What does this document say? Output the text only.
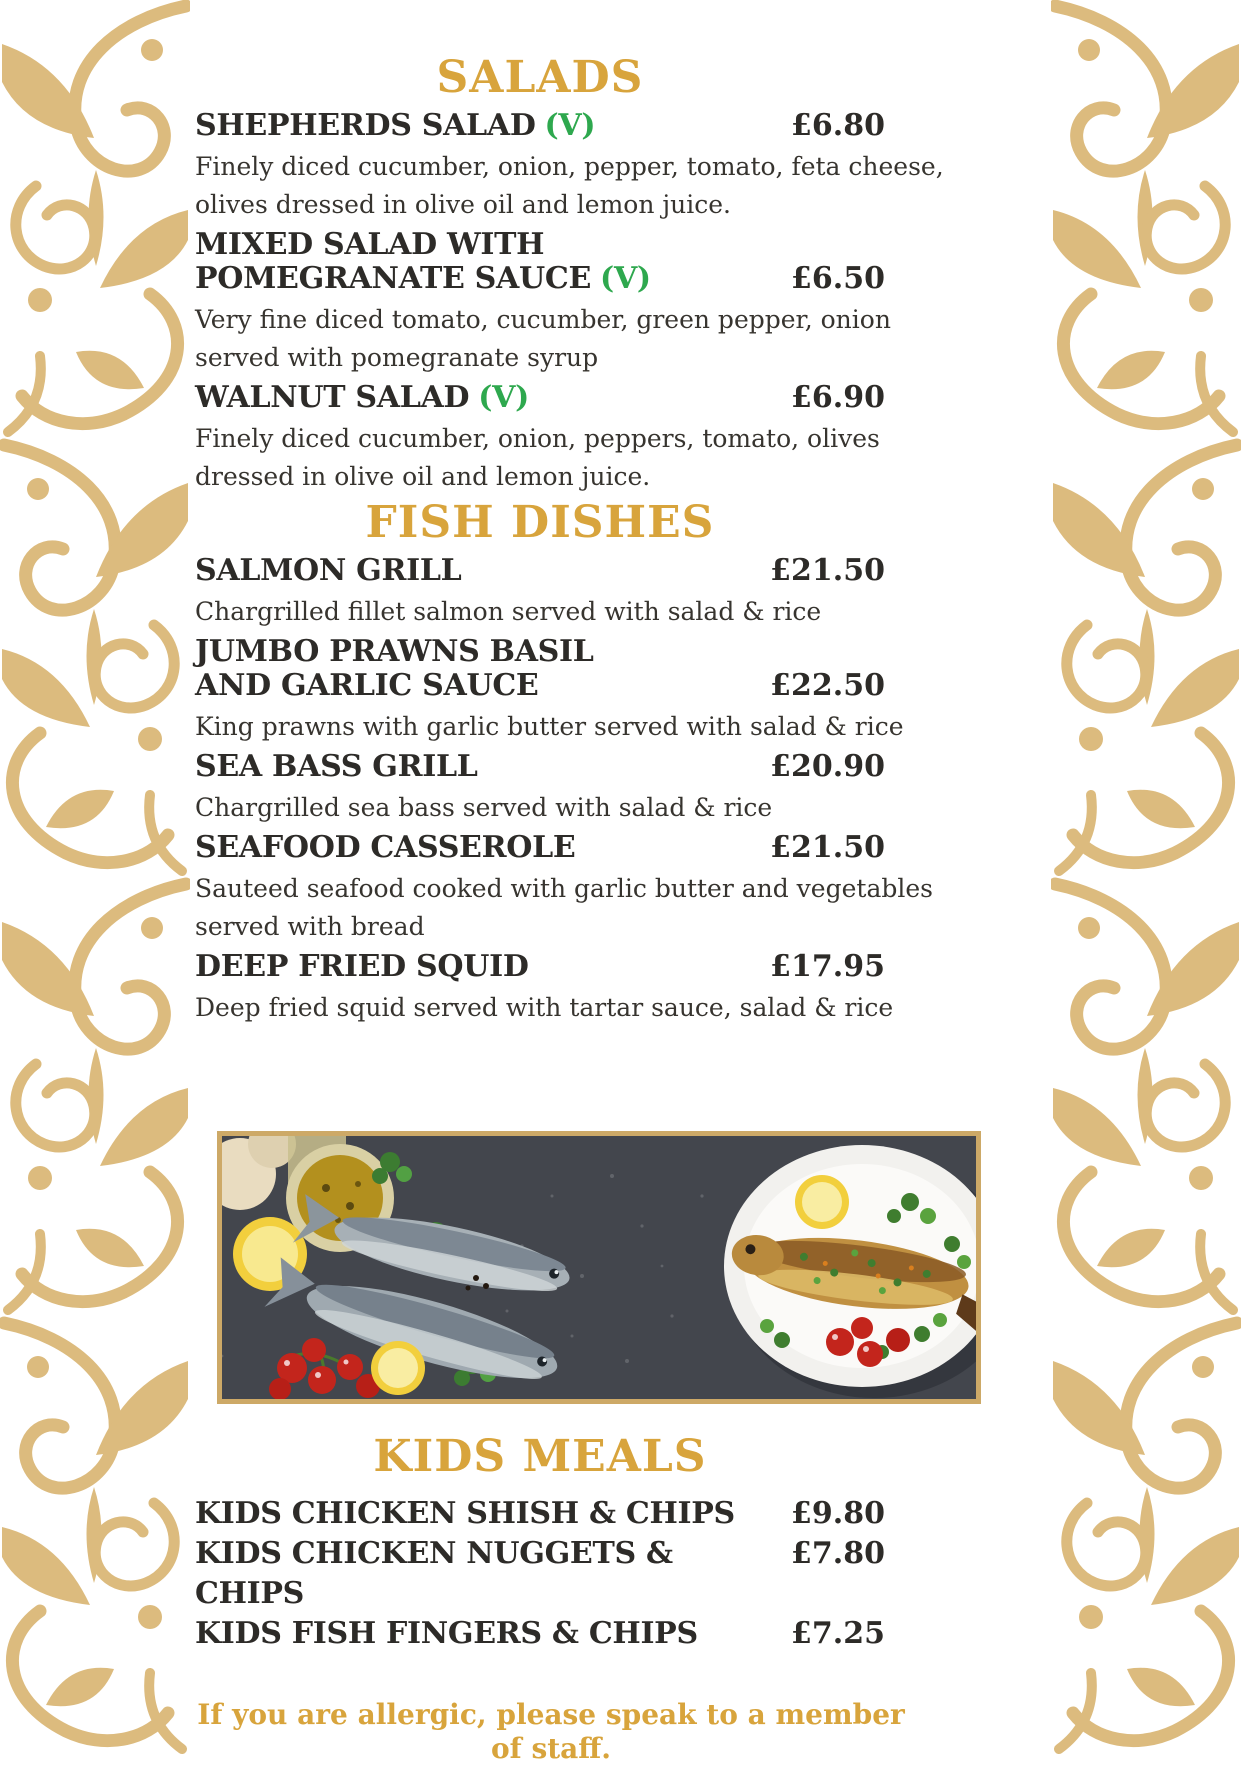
SALADS
SHEPHERDS SALAD (V)	£6.80
Finely diced cucumber, onion, pepper, tomato, feta cheese,
olives dressed in olive oil and lemon juice.
MIXED SALAD WITH
POMEGRANATE SAUCE (V)	£6.50
Very fine diced tomato, cucumber, green pepper, onion
served with pomegranate syrup
WALNUT SALAD (V)	£6.90
Finely diced cucumber, onion, peppers, tomato, olives
dressed in olive oil and lemon juice.
FISH DISHES
SALMON GRILL	£21.50
Chargrilled fillet salmon served with salad & rice
JUMBO PRAWNS BASIL
AND GARLIC SAUCE	£22.50
King prawns with garlic butter served with salad & rice
SEA BASS GRILL	£20.90
Chargrilled sea bass served with salad & rice
SEAFOOD CASSEROLE	£21.50
Sauteed seafood cooked with garlic butter and vegetables
served with bread
DEEP FRIED SQUID	£17.95
Deep fried squid served with tartar sauce, salad & rice
KIDS MEALS
KIDS CHICKEN SHISH & CHIPS £9.80
KIDS CHICKEN NUGGETS & CHIPS
£7.80
KIDS FISH FINGERS & CHIPS	£7.25
If you are allergic, please speak to a member of staff.
